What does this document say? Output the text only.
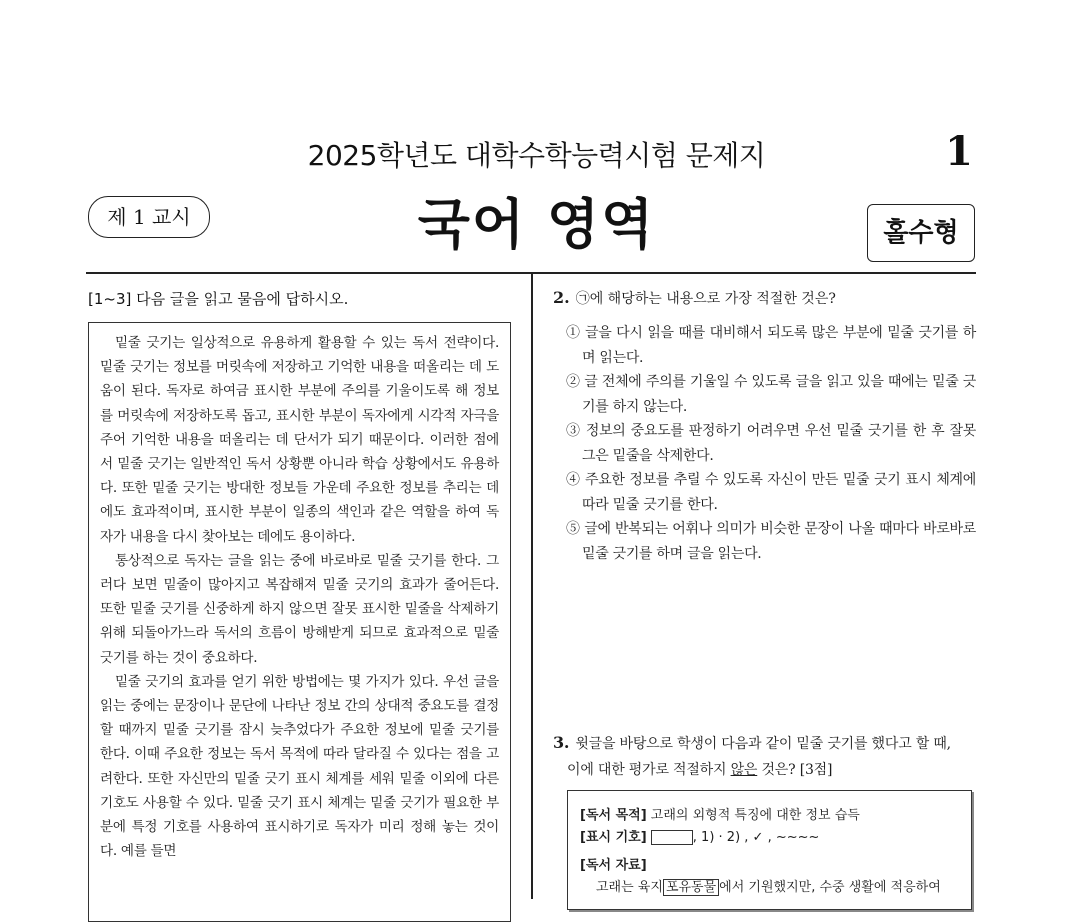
2025학년도 대학수학능력시험 문제지	1
제 1 교시	국어 영역	홀수형
[1~3] 다음 글을 읽고 물음에 답하시오.

밑줄 긋기는 일상적으로 유용하게 활용할 수 있는 독서 전략이다. 밑줄 긋기는 정보를 머릿속에 저장하고 기억한 내용을 떠올리는 데 도움이 된다. 독자로 하여금 표시한 부분에 주의를 기울이도록 해 정보를 머릿속에 저장하도록 돕고, 표시한 부분이 독자에게 시각적 자극을 주어 기억한 내용을 떠올리는 데 단서가 되기 때문이다. 이러한 점에서 밑줄 긋기는 일반적인 독서 상황뿐 아니라 학습 상황에서도 유용하다. 또한 밑줄 긋기는 방대한 정보들 가운데 주요한 정보를 추리는 데에도 효과적이며, 표시한 부분이 일종의 색인과 같은 역할을 하여 독자가 내용을 다시 찾아보는 데에도 용이하다.

통상적으로 독자는 글을 읽는 중에 바로바로 밑줄 긋기를 한다. 그러다 보면 밑줄이 많아지고 복잡해져 밑줄 긋기의 효과가 줄어든다. 또한 밑줄 긋기를 신중하게 하지 않으면 잘못 표시한 밑줄을 삭제하기 위해 되돌아가느라 독서의 흐름이 방해받게 되므로 효과적으로 밑줄 긋기를 하는 것이 중요하다.

밑줄 긋기의 효과를 얻기 위한 방법에는 몇 가지가 있다. 우선 글을 읽는 중에는 문장이나 문단에 나타난 정보 간의 상대적 중요도를 결정할 때까지 밑줄 긋기를 잠시 늦추었다가 주요한 정보에 밑줄 긋기를 한다. 이때 주요한 정보는 독서 목적에 따라 달라질 수 있다는 점을 고려한다. 또한 자신만의 밑줄 긋기 표시 체계를 세워 밑줄 이외에 다른 기호도 사용할 수 있다. 밑줄 긋기 표시 체계는 밑줄 긋기가 필요한 부분에 특정 기호를 사용하여 표시하기로 독자가 미리 정해 놓는 것이다. 예를 들면

2. ㉠에 해당하는 내용으로 가장 적절한 것은?

① 글을 다시 읽을 때를 대비해서 되도록 많은 부분에 밑줄 긋기를 하며 읽는다.

② 글 전체에 주의를 기울일 수 있도록 글을 읽고 있을 때에는 밑줄 긋기를 하지 않는다.

③ 정보의 중요도를 판정하기 어려우면 우선 밑줄 긋기를 한 후 잘못 그은 밑줄을 삭제한다.

④ 주요한 정보를 추릴 수 있도록 자신이 만든 밑줄 긋기 표시 체계에 따라 밑줄 긋기를 한다.

⑤ 글에 반복되는 어휘나 의미가 비슷한 문장이 나올 때마다 바로바로 밑줄 긋기를 하며 글을 읽는다.

3. 윗글을 바탕으로 학생이 다음과 같이 밑줄 긋기를 했다고 할 때,
이에 대한 평가로 적절하지 않은 것은? [3점]
[독서 목적] 고래의 외형적 특징에 대한 정보 습득
[표시 기호]	, 1) · 2) , ✓ , ~~~~
[독서 자료]
고래는 육지 포유동물 에서 기원했지만, 수중 생활에 적응하여
